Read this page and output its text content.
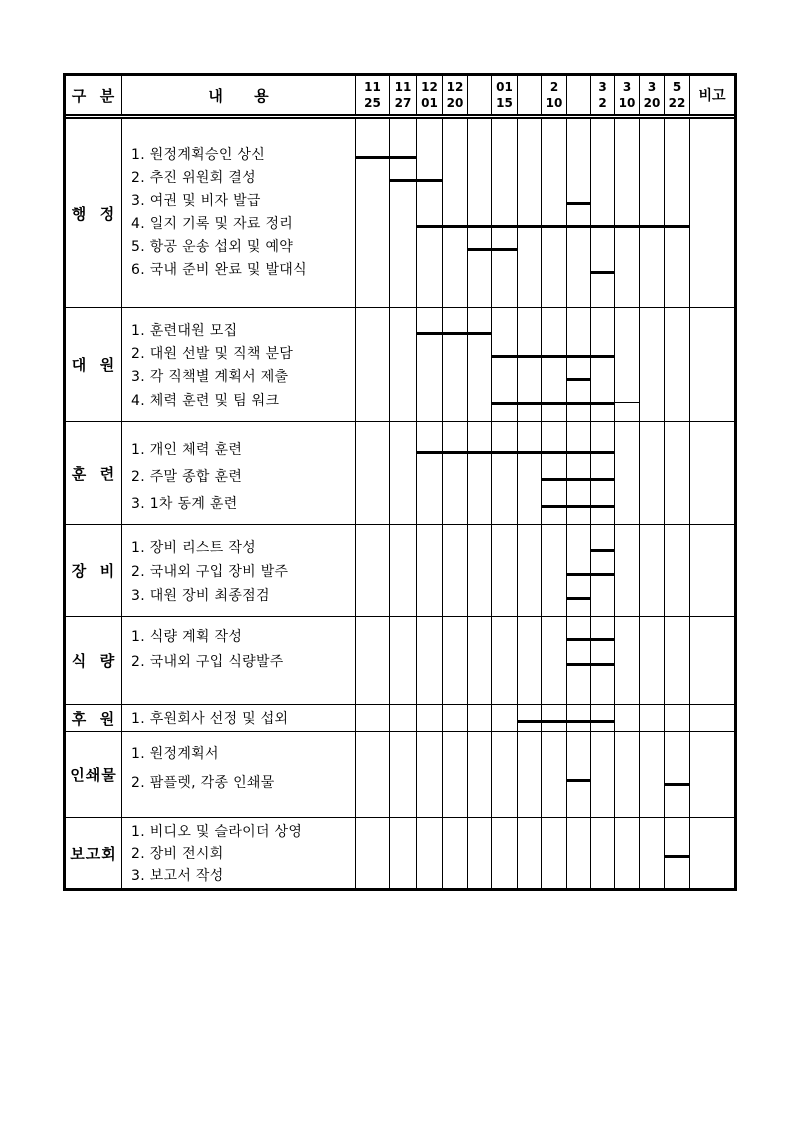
구  분	내      용	11
25
11
27
12
01
12
20
01
15
2
10
3
2
3
10
3
20
5
22 비고
행  정
1. 원정계획승인 상신
2. 추진 위원회 결성
3. 여권 및 비자 발급
4. 일지 기록 및 자료 정리
5. 항공 운송 섭외 및 예약
6. 국내 준비 완료 및 발대식
대  원
1. 훈련대원 모집
2. 대원 선발 및 직책 분담
3. 각 직책별 계획서 제출
4. 체력 훈련 및 팀 워크
훈  련
1. 개인 체력 훈련
2. 주말 종합 훈련
3. 1차 동계 훈련
장  비
1. 장비 리스트 작성
2. 국내외 구입 장비 발주
3. 대원 장비 최종점검
식  량
1. 식량 계획 작성
2. 국내외 구입 식량발주
후  원 1. 후원회사 선정 및 섭외
인쇄물
1. 원정계획서
2. 팜플렛, 각종 인쇄물
보고회
1. 비디오 및 슬라이더 상영
2. 장비 전시회
3. 보고서 작성
